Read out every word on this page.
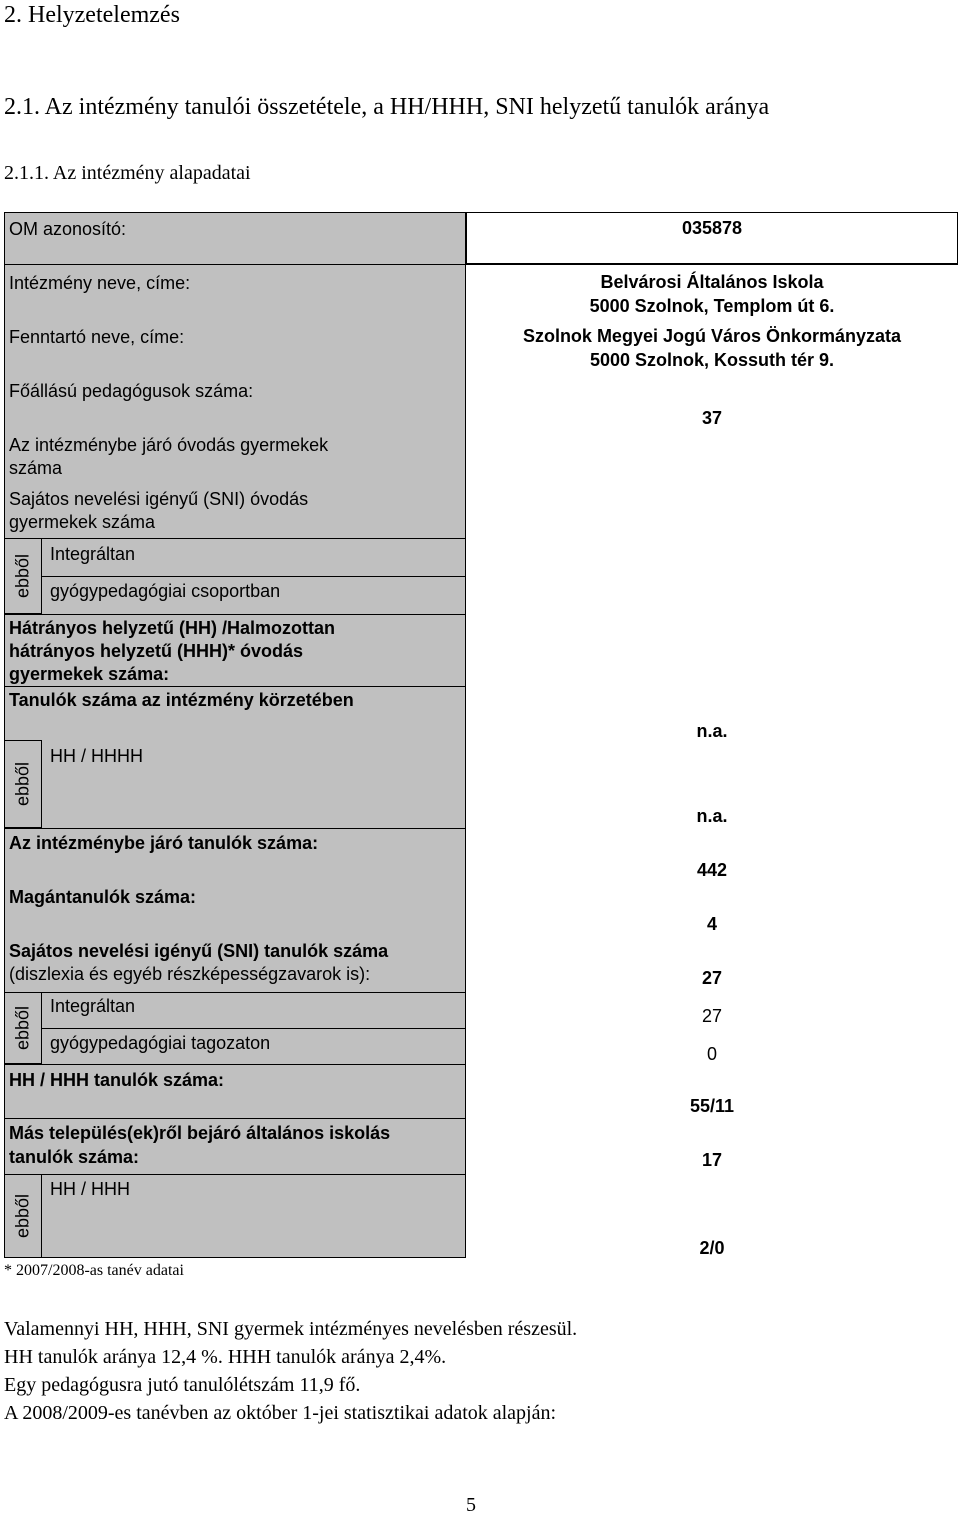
2. Helyzetelemzés
2.1. Az intézmény tanulói összetétele, a HH/HHH, SNI helyzetű tanulók aránya
2.1.1. Az intézmény alapadatai
ebből
ebből
ebből
ebből
OM azonosító:
Intézmény neve, címe:
Fenntartó neve, címe:
Főállású pedagógusok száma:
Az intézménybe járó óvodás gyermekek
száma
Sajátos nevelési igényű (SNI) óvodás
gyermekek száma
Integráltan
gyógypedagógiai csoportban
Hátrányos helyzetű (HH) /Halmozottan
hátrányos helyzetű (HHH)* óvodás
gyermekek száma:
Tanulók száma az intézmény körzetében
HH / HHHH
Az intézménybe járó tanulók száma:
Magántanulók száma:
Sajátos nevelési igényű (SNI) tanulók száma
(diszlexia és egyéb részképességzavarok is):
Integráltan
gyógypedagógiai tagozaton
HH / HHH tanulók száma:
Más település(ek)ről bejáró általános iskolás
tanulók száma:
HH / HHH
035878
Belvárosi Általános Iskola
5000 Szolnok, Templom út 6.
Szolnok Megyei Jogú Város Önkormányzata
5000 Szolnok, Kossuth tér 9.
37
n.a.
n.a.
442
4
27
27
0
55/11
17
2/0
* 2007/2008-as tanév adatai
Valamennyi HH, HHH, SNI gyermek intézményes nevelésben részesül.
HH tanulók aránya 12,4 %. HHH tanulók aránya 2,4%.
Egy pedagógusra jutó tanulólétszám 11,9 fő.
A 2008/2009-es tanévben az október 1-jei statisztikai adatok alapján:
5
